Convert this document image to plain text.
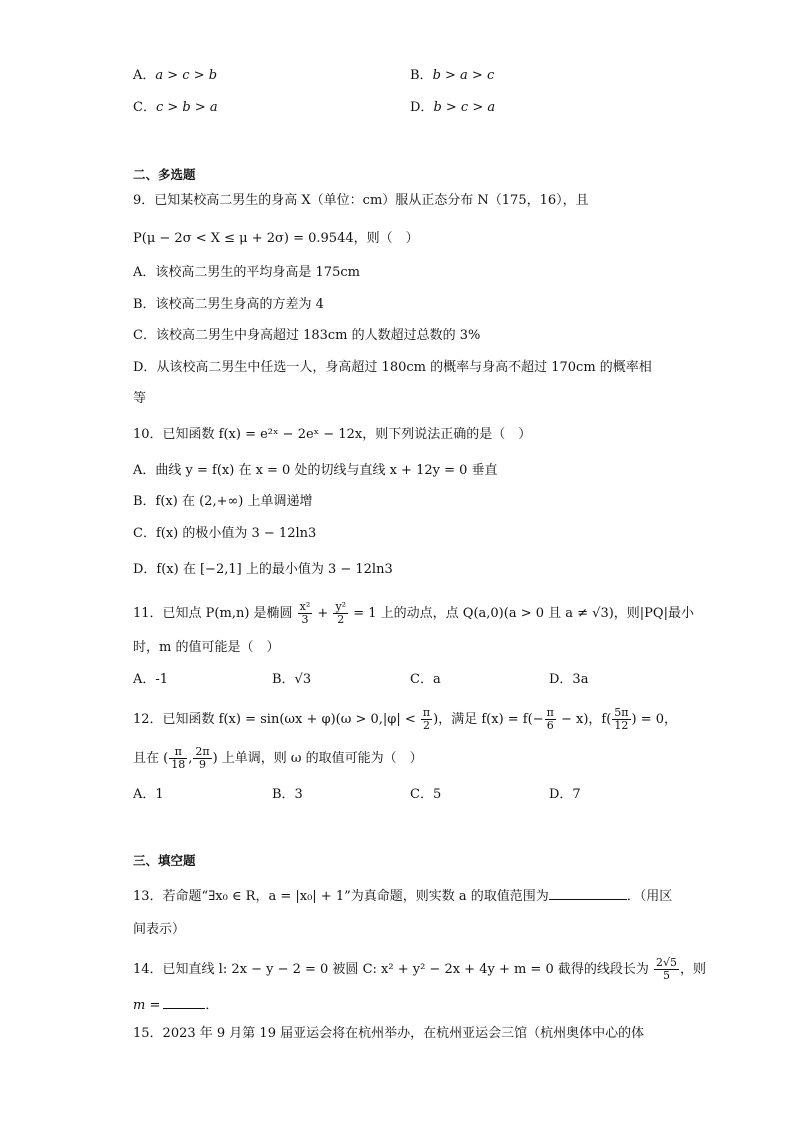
A．a > c > b	B．b > a > c
C．c > b > a	D．b > c > a
二、多选题
9．已知某校高二男生的身高 X（单位：cm）服从正态分布 N（175，16），且
P(μ − 2σ < X ≤ μ + 2σ) = 0.9544，则（　）
A．该校高二男生的平均身高是 175cm
B．该校高二男生身高的方差为 4
C．该校高二男生中身高超过 183cm 的人数超过总数的 3%
D．从该校高二男生中任选一人，身高超过 180cm 的概率与身高不超过 170cm 的概率相
等
10．已知函数 f(x) = e²ˣ − 2eˣ − 12x，则下列说法正确的是（　）
A．曲线 y = f(x) 在 x = 0 处的切线与直线 x + 12y = 0 垂直
B．f(x) 在 (2,+∞) 上单调递增
C．f(x) 的极小值为 3 − 12ln3
D．f(x) 在 [−2,1] 上的最小值为 3 − 12ln3
11．已知点 P(m,n) 是椭圆 $\frac{\text{x²}}{3} + \frac{\text{y²}}{2} = 1$ 上的动点，点 Q(a,0)(a > 0 且 a ≠ √3)，则|PQ|最小
时，m 的值可能是（　）
A．-1	B．√3	C．a	D．3a
12．已知函数 $f(x) = \sin(\omega x + \varphi)(\omega > 0,|\varphi| < \frac{\pi}{2}$ )，满足 $f(x) = f(- \frac{\pi}{6} - x)$，$f( \frac{5\pi}{12}$ ) = 0，
且在 ( $\frac{\pi}{18}$ , $\frac{2\pi}{9}$ ) 上单调，则 ω 的取值可能为（　）
A．1	B．3	C．5	D．7
三、填空题
13．若命题“∃x₀ ∈ R，a = |x₀| + 1”为真命题，则实数 a 的取值范围为	．（用区
间表示）
14．已知直线 l: 2x − y − 2 = 0 被圆 C: x² + y² − 2x + 4y + m = 0 截得的线段长为 $\frac{2√5}{5}$ ，则
m =	．
15．2023 年 9 月第 19 届亚运会将在杭州举办，在杭州亚运会三馆（杭州奥体中心的体
